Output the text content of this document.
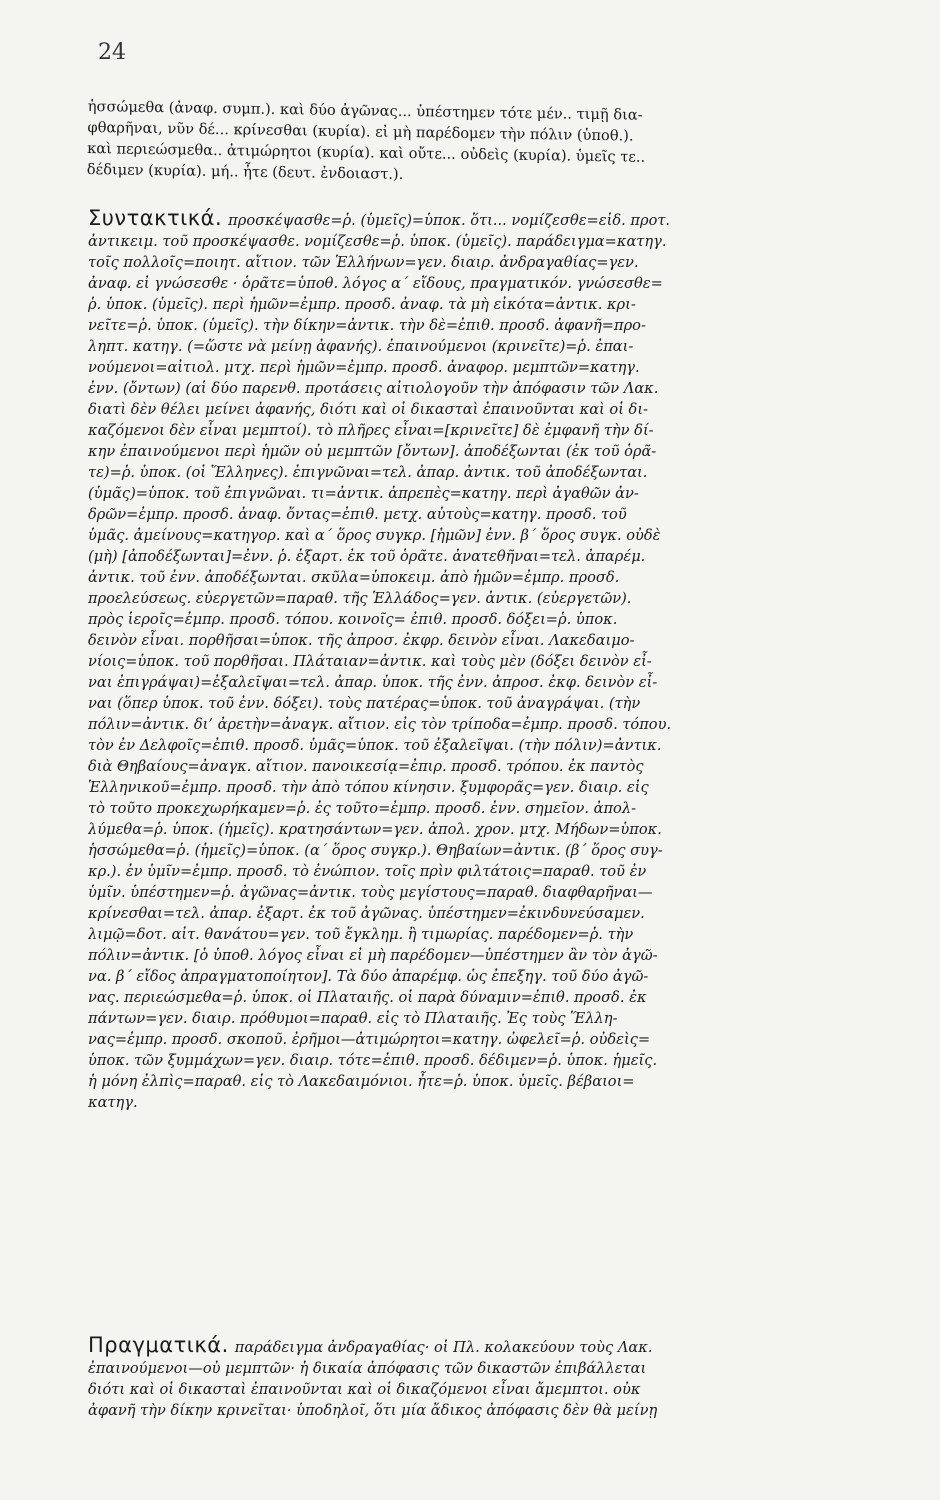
24
ἡσσώμεθα (ἀναφ. συμπ.). καὶ δύο ἀγῶνας... ὑπέστημεν τότε μέν.. τιμῇ δια-
φθαρῆναι, νῦν δέ... κρίνεσθαι (κυρία). εἰ μὴ παρέδομεν τὴν πόλιν (ὑποθ.).
καὶ περιεώσμεθα.. ἀτιμώρητοι (κυρία). καὶ οὔτε... οὐδεὶς (κυρία). ὑμεῖς τε..
δέδιμεν (κυρία). μή.. ἦτε (δευτ. ἐνδοιαστ.).
Συντακτικά. προσκέψασθε=ῥ. (ὑμεῖς)=ὑποκ. ὅτι... νομίζεσθε=εἰδ. προτ.
ἀντικειμ. τοῦ προσκέψασθε. νομίζεσθε=ῥ. ὑποκ. (ὑμεῖς). παράδειγμα=κατηγ.
τοῖς πολλοῖς=ποιητ. αἴτιον. τῶν Ἑλλήνων=γεν. διαιρ. ἀνδραγαθίας=γεν.
ἀναφ. εἰ γνώσεσθε · ὁρᾶτε=ὑποθ. λόγος α΄ εἴδους, πραγματικόν. γνώσεσθε=
ῥ. ὑποκ. (ὑμεῖς). περὶ ἡμῶν=ἐμπρ. προσδ. ἀναφ. τὰ μὴ εἰκότα=ἀντικ. κρι-
νεῖτε=ῥ. ὑποκ. (ὑμεῖς). τὴν δίκην=ἀντικ. τὴν δὲ=ἐπιθ. προσδ. ἀφανῆ=προ-
ληπτ. κατηγ. (=ὥστε νὰ μείνῃ ἀφανής). ἐπαινούμενοι (κρινεῖτε)=ῥ. ἐπαι-
νούμενοι=αἰτιολ. μτχ. περὶ ἡμῶν=ἐμπρ. προσδ. ἀναφορ. μεμπτῶν=κατηγ.
ἐνν. (ὄντων) (αἱ δύο παρενθ. προτάσεις αἰτιολογοῦν τὴν ἀπόφασιν τῶν Λακ.
διατὶ δὲν θέλει μείνει ἀφανής, διότι καὶ οἱ δικασταὶ ἐπαινοῦνται καὶ οἱ δι-
καζόμενοι δὲν εἶναι μεμπτοί). τὸ πλῆρες εἶναι=[κρινεῖτε] δὲ ἐμφανῆ τὴν δί-
κην ἐπαινούμενοι περὶ ἡμῶν οὐ μεμπτῶν [ὄντων]. ἀποδέξωνται (ἐκ τοῦ ὁρᾶ-
τε)=ῥ. ὑποκ. (οἱ Ἕλληνες). ἐπιγνῶναι=τελ. ἀπαρ. ἀντικ. τοῦ ἀποδέξωνται.
(ὑμᾶς)=ὑποκ. τοῦ ἐπιγνῶναι. τι=ἀντικ. ἀπρεπὲς=κατηγ. περὶ ἀγαθῶν ἀν-
δρῶν=ἐμπρ. προσδ. ἀναφ. ὄντας=ἐπιθ. μετχ. αὐτοὺς=κατηγ. προσδ. τοῦ
ὑμᾶς. ἀμείνους=κατηγορ. καὶ α΄ ὅρος συγκρ. [ἡμῶν] ἐνν. β΄ ὅρος συγκ. οὐδὲ
(μὴ) [ἀποδέξωνται]=ἐνν. ῥ. ἐξαρτ. ἐκ τοῦ ὁρᾶτε. ἀνατεθῆναι=τελ. ἀπαρέμ.
ἀντικ. τοῦ ἐνν. ἀποδέξωνται. σκῦλα=ὑποκειμ. ἀπὸ ἡμῶν=ἐμπρ. προσδ.
προελεύσεως. εὐεργετῶν=παραθ. τῆς Ἑλλάδος=γεν. ἀντικ. (εὐεργετῶν).
πρὸς ἱεροῖς=ἐμπρ. προσδ. τόπου. κοινοῖς= ἐπιθ. προσδ. δόξει=ῥ. ὑποκ.
δεινὸν εἶναι. πορθῆσαι=ὑποκ. τῆς ἀπροσ. ἐκφρ. δεινὸν εἶναι. Λακεδαιμο-
νίοις=ὑποκ. τοῦ πορθῆσαι. Πλάταιαν=ἀντικ. καὶ τοὺς μὲν (δόξει δεινὸν εἶ-
ναι ἐπιγράψαι)=ἐξαλεῖψαι=τελ. ἀπαρ. ὑποκ. τῆς ἐνν. ἀπροσ. ἐκφ. δεινὸν εἶ-
ναι (ὅπερ ὑποκ. τοῦ ἐνν. δόξει). τοὺς πατέρας=ὑποκ. τοῦ ἀναγράψαι. (τὴν
πόλιν=ἀντικ. δι’ ἀρετὴν=ἀναγκ. αἴτιον. εἰς τὸν τρίποδα=ἐμπρ. προσδ. τόπου.
τὸν ἐν Δελφοῖς=ἐπιθ. προσδ. ὑμᾶς=ὑποκ. τοῦ ἐξαλεῖψαι. (τὴν πόλιν)=ἀντικ.
διὰ Θηβαίους=ἀναγκ. αἴτιον. πανοικεσίᾳ=ἐπιρ. προσδ. τρόπου. ἐκ παντὸς
Ἑλληνικοῦ=ἐμπρ. προσδ. τὴν ἀπὸ τόπου κίνησιν. ξυμφορᾶς=γεν. διαιρ. εἰς
τὸ τοῦτο προκεχωρήκαμεν=ῥ. ἐς τοῦτο=ἐμπρ. προσδ. ἐνν. σημεῖον. ἀπολ-
λύμεθα=ῥ. ὑποκ. (ἡμεῖς). κρατησάντων=γεν. ἀπολ. χρον. μτχ. Μήδων=ὑποκ.
ἡσσώμεθα=ῥ. (ἡμεῖς)=ὑποκ. (α΄ ὅρος συγκρ.). Θηβαίων=ἀντικ. (β΄ ὅρος συγ-
κρ.). ἐν ὑμῖν=ἐμπρ. προσδ. τὸ ἐνώπιον. τοῖς πρὶν φιλτάτοις=παραθ. τοῦ ἐν
ὑμῖν. ὑπέστημεν=ῥ. ἀγῶνας=ἀντικ. τοὺς μεγίστους=παραθ. διαφθαρῆναι—
κρίνεσθαι=τελ. ἀπαρ. ἐξαρτ. ἐκ τοῦ ἀγῶνας. ὑπέστημεν=ἐκινδυνεύσαμεν.
λιμῷ=δοτ. αἰτ. θανάτου=γεν. τοῦ ἔγκλημ. ἢ τιμωρίας. παρέδομεν=ῥ. τὴν
πόλιν=ἀντικ. [ὁ ὑποθ. λόγος εἶναι εἰ μὴ παρέδομεν—ὑπέστημεν ἂν τὸν ἀγῶ-
να. β΄ εἴδος ἀπραγματοποίητον]. Τὰ δύο ἀπαρέμφ. ὡς ἐπεξηγ. τοῦ δύο ἀγῶ-
νας. περιεώσμεθα=ῥ. ὑποκ. οἱ Πλαταιῆς. οἱ παρὰ δύναμιν=ἐπιθ. προσδ. ἐκ
πάντων=γεν. διαιρ. πρόθυμοι=παραθ. εἰς τὸ Πλαταιῆς. Ἐς τοὺς Ἕλλη-
νας=ἐμπρ. προσδ. σκοποῦ. ἐρῆμοι—ἀτιμώρητοι=κατηγ. ὠφελεῖ=ῥ. οὐδεὶς=
ὑποκ. τῶν ξυμμάχων=γεν. διαιρ. τότε=ἐπιθ. προσδ. δέδιμεν=ῥ. ὑποκ. ἡμεῖς.
ἡ μόνη ἐλπὶς=παραθ. εἰς τὸ Λακεδαιμόνιοι. ἦτε=ῥ. ὑποκ. ὑμεῖς. βέβαιοι=
κατηγ.
Πραγματικά. παράδειγμα ἀνδραγαθίας· οἱ Πλ. κολακεύουν τοὺς Λακ.
ἐπαινούμενοι—οὐ μεμπτῶν· ἡ δικαία ἀπόφασις τῶν δικαστῶν ἐπιβάλλεται
διότι καὶ οἱ δικασταὶ ἐπαινοῦνται καὶ οἱ δικαζόμενοι εἶναι ἄμεμπτοι. οὐκ
ἀφανῆ τὴν δίκην κρινεῖται· ὑποδηλοῖ, ὅτι μία ἄδικος ἀπόφασις δὲν θὰ μείνῃ
